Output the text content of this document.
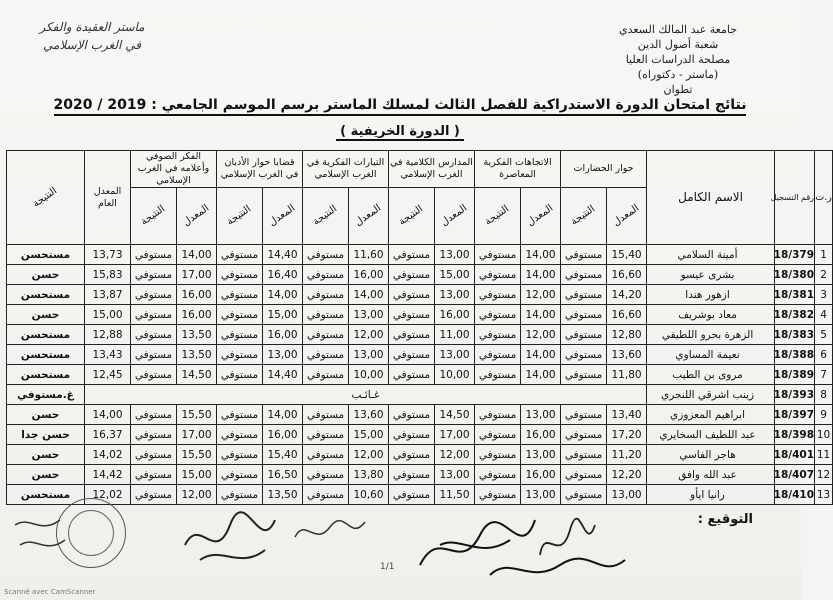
جامعة عبد المالك السعدي
شعبة أصول الدين
مصلحة الدراسات العليا
(ماستر - دكتوراه)
تطوان
ماستر العقيدة والفكر
في الغرب الإسلامي
نتائج امتحان الدورة الاستدراكية للفصل الثالث لمسلك الماستر برسم الموسم الجامعي : 2019 / 2020
( الدورة الخريفية )
ر.ت	رقم التسجيل	الاسم الكامل	حوار الحضارات		الاتجاهات الفكرية المعاصرة		المدارس الكلامية في الغرب الإسلامي		التيارات الفكرية في الغرب الإسلامي		قضايا حوار الأديان في الغرب الإسلامي		الفكر الصوفي وأعلامه في الغرب الإسلامي		المعدل العام	النتيجة
			المعدل	النتيجة	المعدل	النتيجة	المعدل	النتيجة	المعدل	النتيجة	المعدل	النتيجة	المعدل	النتيجة		
1	18/379	أمينة السلامي	15,40	مستوفي	14,00	مستوفي	13,00	مستوفي	11,60	مستوفي	14,40	مستوفي	14,00	مستوفي	13,73	مستحسن
2	18/380	بشرى عيسو	16,60	مستوفي	14,00	مستوفي	15,00	مستوفي	16,00	مستوفي	16,40	مستوفي	17,00	مستوفي	15,83	حسن
3	18/381	ازهور هندا	14,20	مستوفي	12,00	مستوفي	13,00	مستوفي	14,00	مستوفي	14,00	مستوفي	16,00	مستوفي	13,87	مستحسن
4	18/382	معاد بوشريف	16,60	مستوفي	14,00	مستوفي	16,00	مستوفي	13,00	مستوفي	15,00	مستوفي	16,00	مستوفي	15,00	حسن
5	18/383	الزهرة بحرو اللطيفي	12,80	مستوفي	12,00	مستوفي	11,00	مستوفي	12,00	مستوفي	16,00	مستوفي	13,50	مستوفي	12,88	مستحسن
6	18/388	نعيمة المساوي	13,60	مستوفي	14,00	مستوفي	13,00	مستوفي	13,00	مستوفي	13,00	مستوفي	13,50	مستوفي	13,43	مستحسن
7	18/389	مروى بن الطيب	11,80	مستوفي	14,00	مستوفي	10,00	مستوفي	10,00	مستوفي	14,40	مستوفي	14,50	مستوفي	12,45	مستحسن
8	18/393	زينب اشرقي اللنجري	غـائـب													غ.مستوفي
9	18/397	ابراهيم المعزوزي	13,40	مستوفي	13,00	مستوفي	14,50	مستوفي	13,60	مستوفي	14,00	مستوفي	15,50	مستوفي	14,00	حسن
10	18/398	عبد اللطيف السخايري	17,20	مستوفي	16,00	مستوفي	17,00	مستوفي	15,00	مستوفي	16,00	مستوفي	17,00	مستوفي	16,37	حسن جدا
11	18/401	هاجر الفاسي	11,20	مستوفي	13,00	مستوفي	12,00	مستوفي	12,00	مستوفي	15,40	مستوفي	15,50	مستوفي	14,02	حسن
12	18/407	عبد الله وافق	12,20	مستوفي	16,00	مستوفي	13,00	مستوفي	13,80	مستوفي	16,50	مستوفي	15,00	مستوفي	14,42	حسن
13	18/410	رانيا ايأو	13,00	مستوفي	13,00	مستوفي	11,50	مستوفي	10,60	مستوفي	13,50	مستوفي	12,00	مستوفي	12,02	مستحسن
التوقيع :
1/1
Scanné avec CamScanner
